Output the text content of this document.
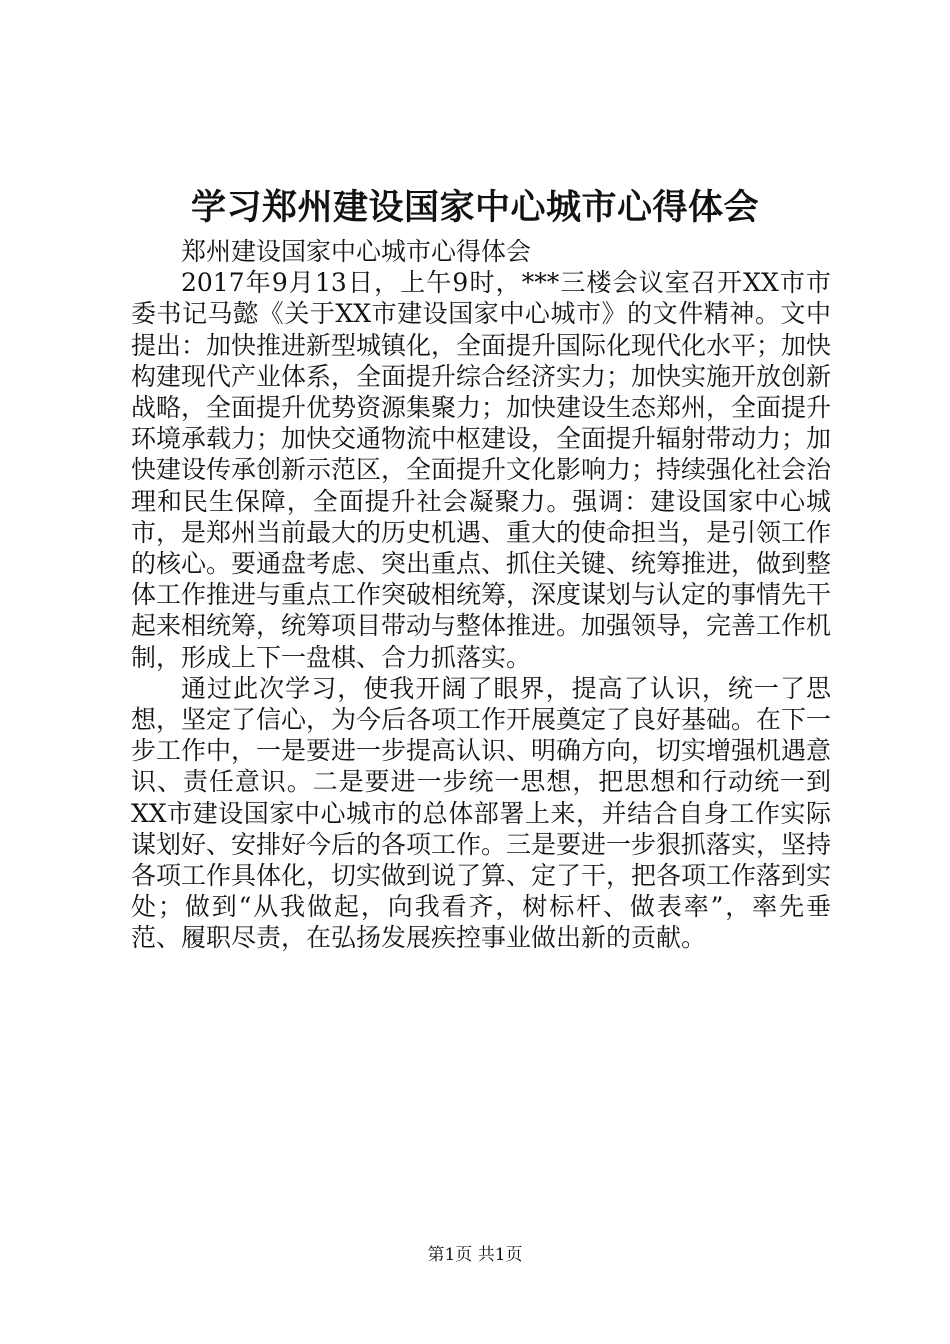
学习郑州建设国家中心城市心得体会

郑州建设国家中心城市心得体会

2017年9月13日，上午9时，***三楼会议室召开XX市市委书记马懿《关于XX市建设国家中心城市》的文件精神。文中提出：加快推进新型城镇化，全面提升国际化现代化水平；加快构建现代产业体系，全面提升综合经济实力；加快实施开放创新战略，全面提升优势资源集聚力；加快建设生态郑州，全面提升环境承载力；加快交通物流中枢建设，全面提升辐射带动力；加快建设传承创新示范区，全面提升文化影响力；持续强化社会治理和民生保障，全面提升社会凝聚力。强调：建设国家中心城市，是郑州当前最大的历史机遇、重大的使命担当，是引领工作的核心。要通盘考虑、突出重点、抓住关键、统筹推进，做到整体工作推进与重点工作突破相统筹，深度谋划与认定的事情先干起来相统筹，统筹项目带动与整体推进。加强领导，完善工作机制，形成上下一盘棋、合力抓落实。

通过此次学习，使我开阔了眼界，提高了认识，统一了思想，坚定了信心，为今后各项工作开展奠定了良好基础。在下一步工作中，一是要进一步提高认识、明确方向，切实增强机遇意识、责任意识。二是要进一步统一思想，把思想和行动统一到XX市建设国家中心城市的总体部署上来，并结合自身工作实际谋划好、安排好今后的各项工作。三是要进一步狠抓落实，坚持各项工作具体化，切实做到说了算、定了干，把各项工作落到实处；做到“从我做起，向我看齐，树标杆、做表率”，率先垂范、履职尽责，在弘扬发展疾控事业做出新的贡献。

第1页 共1页
